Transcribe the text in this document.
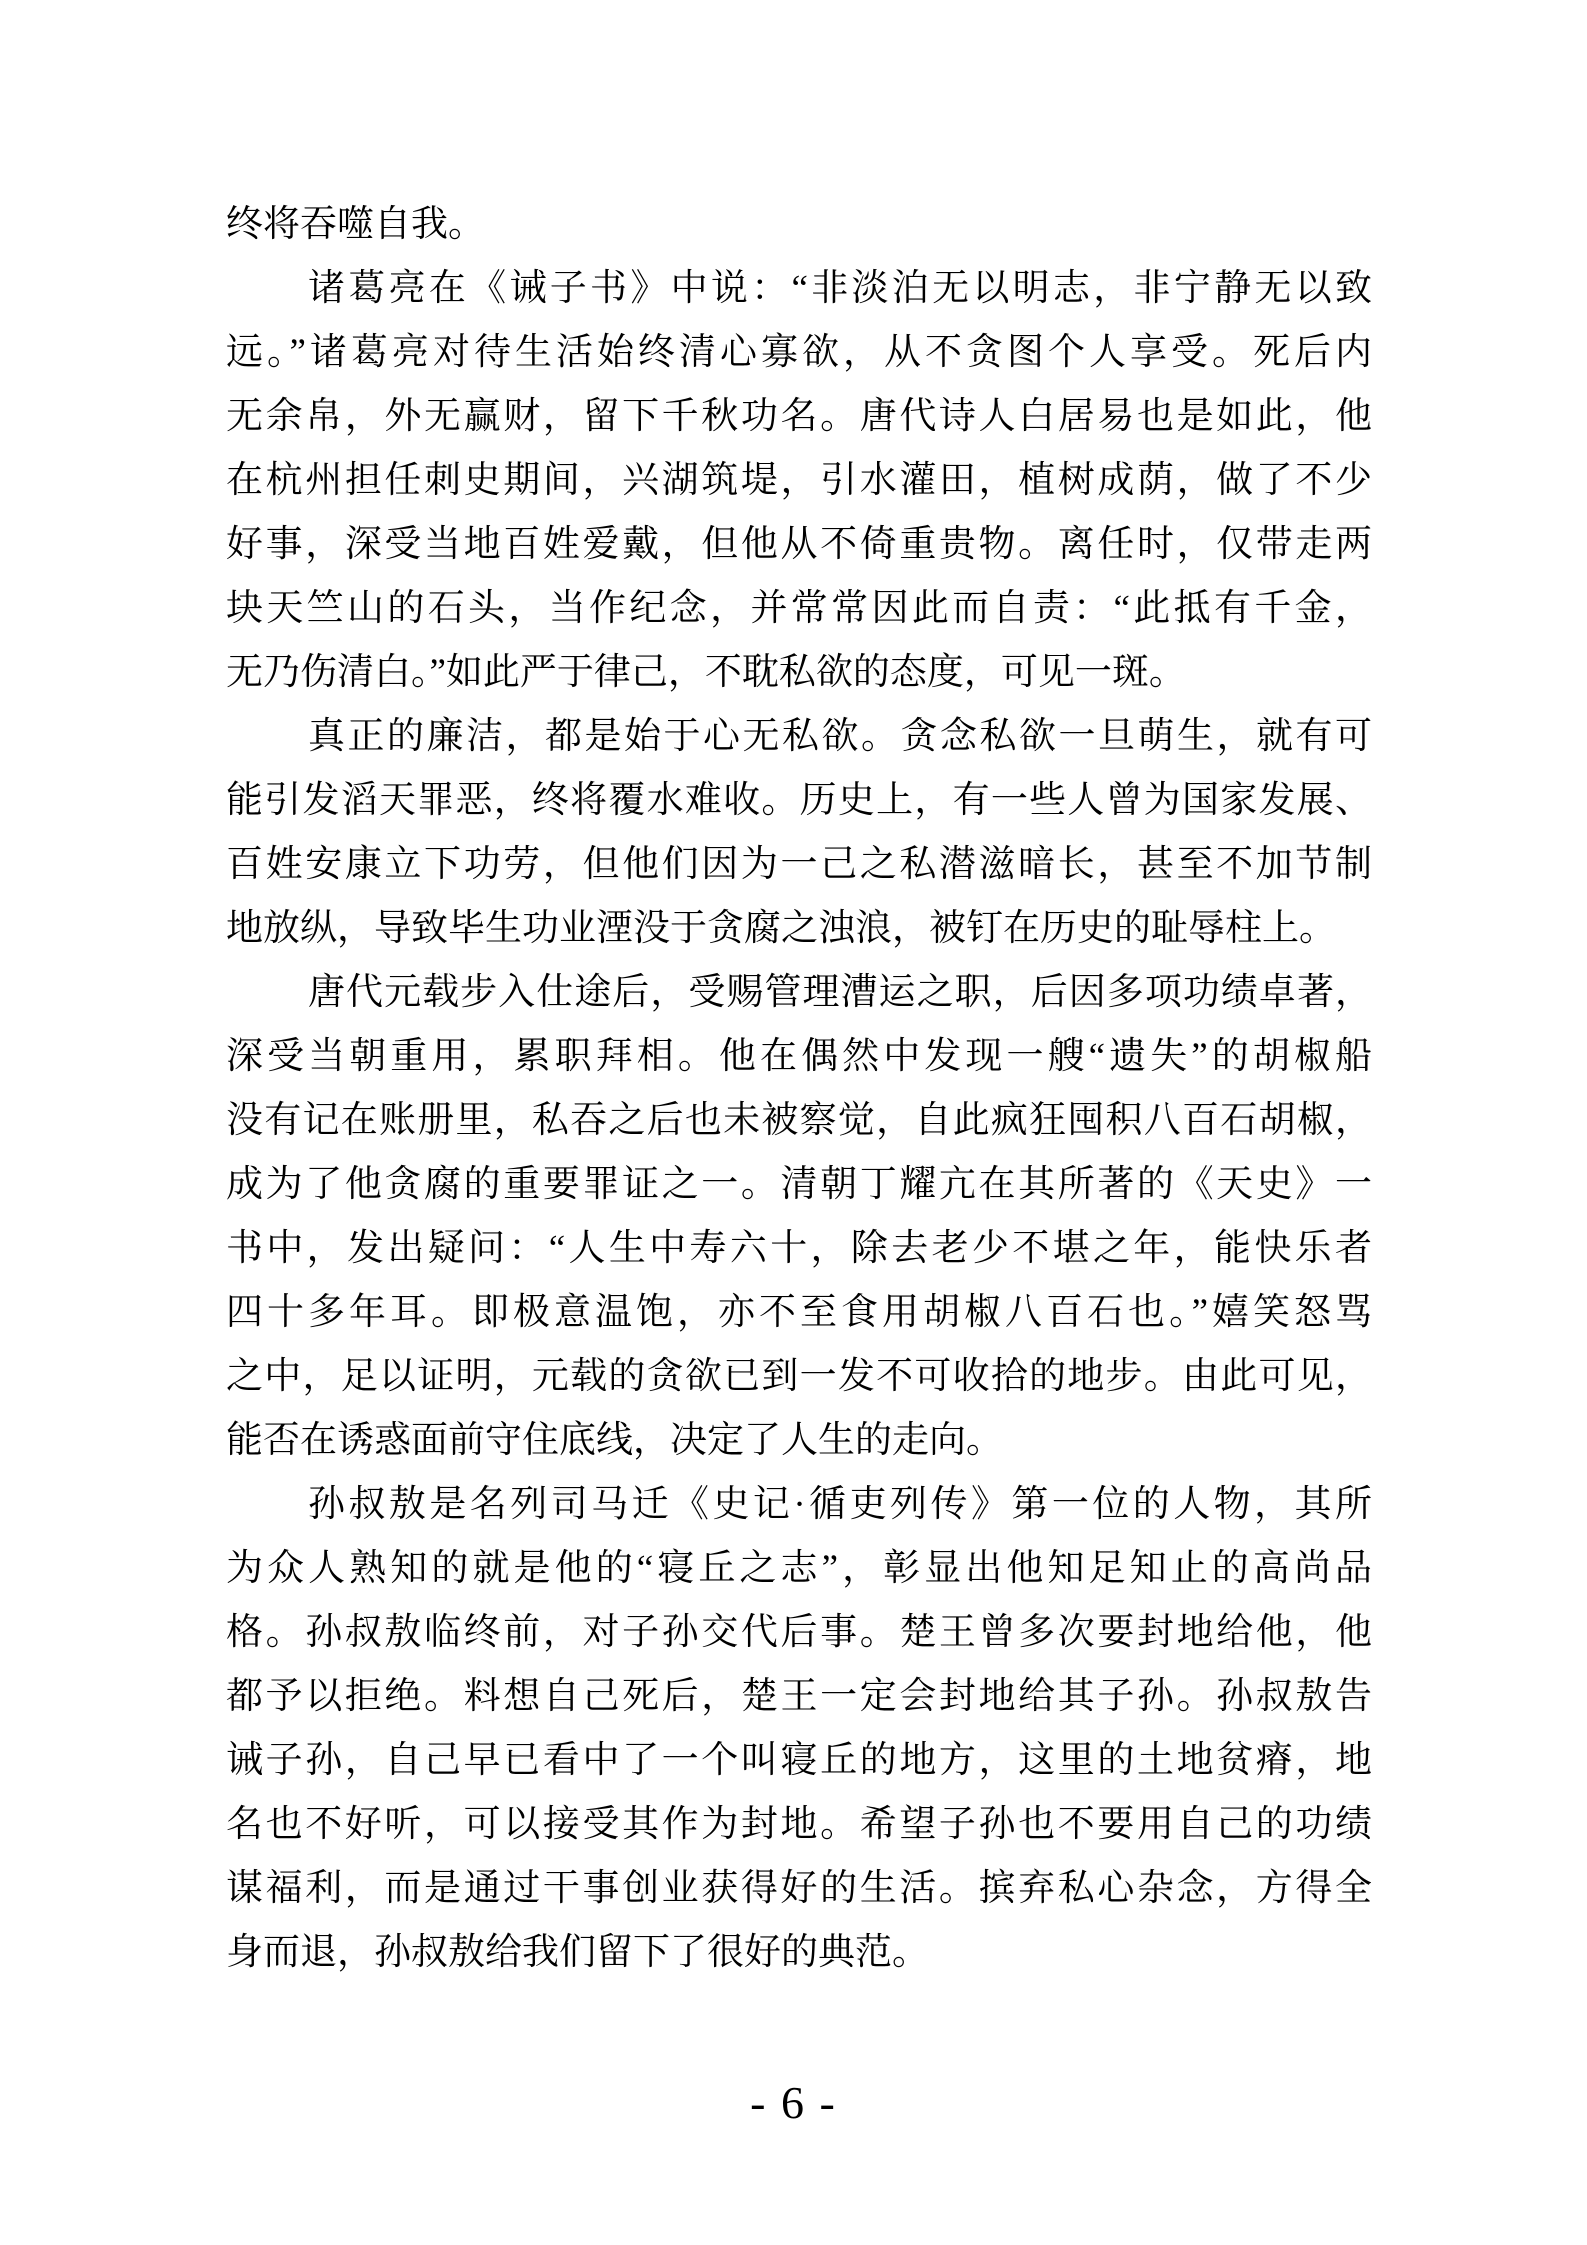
终将吞噬自我。
诸葛亮在《诫子书》中说：“非淡泊无以明志，非宁静无以致
远。”诸葛亮对待生活始终清心寡欲，从不贪图个人享受。死后内
无余帛，外无赢财，留下千秋功名。唐代诗人白居易也是如此，他
在杭州担任刺史期间，兴湖筑堤，引水灌田，植树成荫，做了不少
好事，深受当地百姓爱戴，但他从不倚重贵物。离任时，仅带走两
块天竺山的石头，当作纪念，并常常因此而自责：“此抵有千金，
无乃伤清白。”如此严于律己，不耽私欲的态度，可见一斑。
真正的廉洁，都是始于心无私欲。贪念私欲一旦萌生，就有可
能引发滔天罪恶，终将覆水难收。历史上，有一些人曾为国家发展、
百姓安康立下功劳，但他们因为一己之私潜滋暗长，甚至不加节制
地放纵，导致毕生功业湮没于贪腐之浊浪，被钉在历史的耻辱柱上。
唐代元载步入仕途后，受赐管理漕运之职，后因多项功绩卓著，
深受当朝重用，累职拜相。他在偶然中发现一艘“遗失”的胡椒船
没有记在账册里，私吞之后也未被察觉，自此疯狂囤积八百石胡椒，
成为了他贪腐的重要罪证之一。清朝丁耀亢在其所著的《天史》一
书中，发出疑问：“人生中寿六十，除去老少不堪之年，能快乐者
四十多年耳。即极意温饱，亦不至食用胡椒八百石也。”嬉笑怒骂
之中，足以证明，元载的贪欲已到一发不可收拾的地步。由此可见，
能否在诱惑面前守住底线，决定了人生的走向。
孙叔敖是名列司马迁《史记·循吏列传》第一位的人物，其所
为众人熟知的就是他的“寝丘之志”，彰显出他知足知止的高尚品
格。孙叔敖临终前，对子孙交代后事。楚王曾多次要封地给他，他
都予以拒绝。料想自己死后，楚王一定会封地给其子孙。孙叔敖告
诫子孙，自己早已看中了一个叫寝丘的地方，这里的土地贫瘠，地
名也不好听，可以接受其作为封地。希望子孙也不要用自己的功绩
谋福利，而是通过干事创业获得好的生活。摈弃私心杂念，方得全
身而退，孙叔敖给我们留下了很好的典范。
- 6 -
